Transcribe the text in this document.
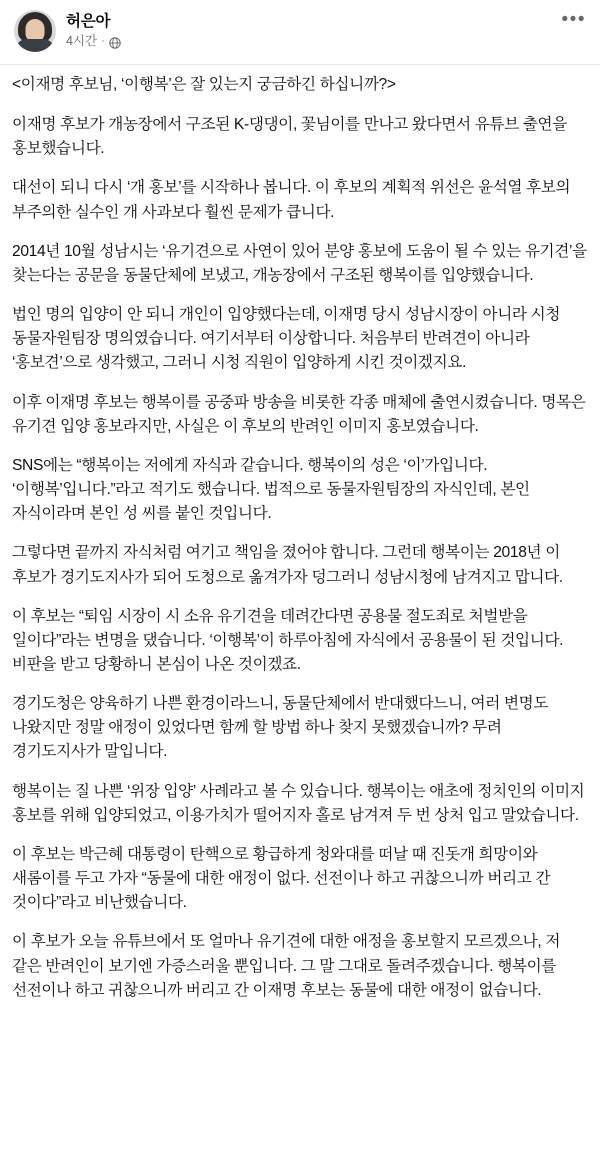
허은아
4시간 ·
•••

<이재명 후보님, ‘이행복’은 잘 있는지 궁금하긴 하십니까?>

이재명 후보가 개농장에서 구조된 K-댕댕이, 꽃님이를 만나고 왔다면서 유튜브 출연을 홍보했습니다.

대선이 되니 다시 ‘개 홍보’를 시작하나 봅니다. 이 후보의 계획적 위선은 윤석열 후보의 부주의한 실수인 개 사과보다 훨씬 문제가 큽니다.

2014년 10월 성남시는 ‘유기견으로 사연이 있어 분양 홍보에 도움이 될 수 있는 유기견’을 찾는다는 공문을 동물단체에 보냈고, 개농장에서 구조된 행복이를 입양했습니다.

법인 명의 입양이 안 되니 개인이 입양했다는데, 이재명 당시 성남시장이 아니라 시청 동물자원팀장 명의였습니다. 여기서부터 이상합니다. 처음부터 반려견이 아니라 ‘홍보견’으로 생각했고, 그러니 시청 직원이 입양하게 시킨 것이겠지요.

이후 이재명 후보는 행복이를 공중파 방송을 비롯한 각종 매체에 출연시켰습니다. 명목은 유기견 입양 홍보라지만, 사실은 이 후보의 반려인 이미지 홍보였습니다.

SNS에는 “행복이는 저에게 자식과 같습니다. 행복이의 성은 ‘이’가입니다. ‘이행복’입니다.”라고 적기도 했습니다. 법적으로 동물자원팀장의 자식인데, 본인 자식이라며 본인 성 씨를 붙인 것입니다.

그렇다면 끝까지 자식처럼 여기고 책임을 졌어야 합니다. 그런데 행복이는 2018년 이 후보가 경기도지사가 되어 도청으로 옮겨가자 덩그러니 성남시청에 남겨지고 맙니다.

이 후보는 “퇴임 시장이 시 소유 유기견을 데려간다면 공용물 절도죄로 처벌받을 일이다”라는 변명을 댔습니다. ‘이행복’이 하루아침에 자식에서 공용물이 된 것입니다. 비판을 받고 당황하니 본심이 나온 것이겠죠.

경기도청은 양육하기 나쁜 환경이라느니, 동물단체에서 반대했다느니, 여러 변명도 나왔지만 정말 애정이 있었다면 함께 할 방법 하나 찾지 못했겠습니까? 무려 경기도지사가 말입니다.

행복이는 질 나쁜 ‘위장 입양’ 사례라고 볼 수 있습니다. 행복이는 애초에 정치인의 이미지 홍보를 위해 입양되었고, 이용가치가 떨어지자 홀로 남겨져 두 번 상처 입고 말았습니다.

이 후보는 박근혜 대통령이 탄핵으로 황급하게 청와대를 떠날 때 진돗개 희망이와 새롬이를 두고 가자 “동물에 대한 애정이 없다. 선전이나 하고 귀찮으니까 버리고 간 것이다”라고 비난했습니다.

이 후보가 오늘 유튜브에서 또 얼마나 유기견에 대한 애정을 홍보할지 모르겠으나, 저 같은 반려인이 보기엔 가증스러울 뿐입니다. 그 말 그대로 돌려주겠습니다. 행복이를 선전이나 하고 귀찮으니까 버리고 간 이재명 후보는 동물에 대한 애정이 없습니다.
